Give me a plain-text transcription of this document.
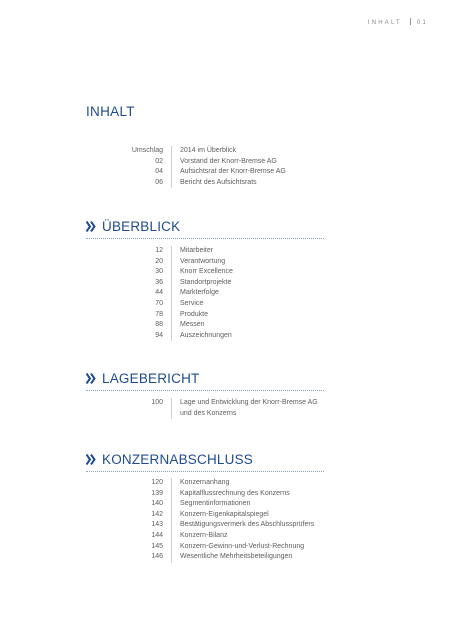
INHALT	01
INHALT
Umschlag	2014 im Überblick
02	Vorstand der Knorr-Bremse AG
04	Aufsichtsrat der Knorr-Bremse AG
06	Bericht des Aufsichtsrats
ÜBERBLICK
12	Mitarbeiter
20	Verantwortung
30	Knorr Excellence
36	Standortprojekte
44	Markterfolge
70	Service
78	Produkte
88	Messen
94	Auszeichnungen
LAGEBERICHT
100	Lage und Entwicklung der Knorr-Bremse AG
und des Konzerns
KONZERNABSCHLUSS
120	Konzernanhang
139	Kapitalflussrechnung des Konzerns
140	Segmentinformationen
142	Konzern-Eigenkapitalspiegel
143	Bestätigungsvermerk des Abschlussprüfers
144	Konzern-Bilanz
145	Konzern-Gewinn-und-Verlust-Rechnung
146	Wesentliche Mehrheitsbeteiligungen
